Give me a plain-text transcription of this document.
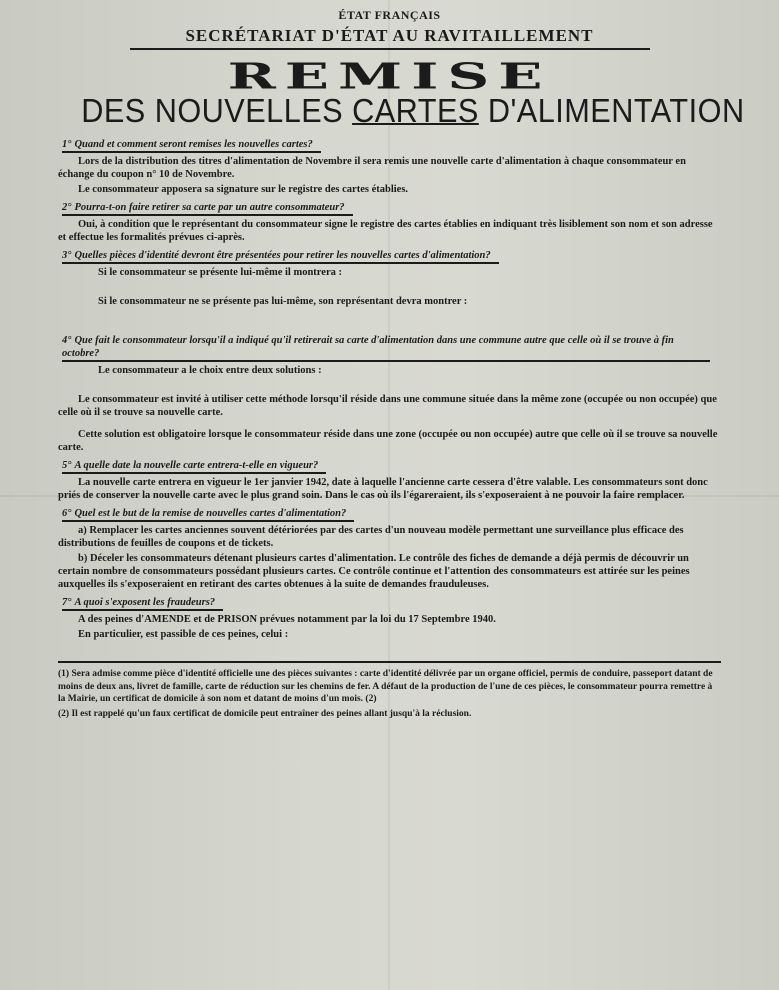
ÉTAT FRANÇAIS
SECRÉTARIAT D'ÉTAT AU RAVITAILLEMENT
REMISE
DES NOUVELLES CARTES D'ALIMENTATION
1° Quand et comment seront remises les nouvelles cartes?

Lors de la distribution des titres d'alimentation de Novembre il sera remis une nouvelle carte d'alimentation à chaque consommateur en échange du coupon n° 10 de Novembre.

Le consommateur apposera sa signature sur le registre des cartes établies.

2° Pourra-t-on faire retirer sa carte par un autre consommateur?

Oui, à condition que le représentant du consommateur signe le registre des cartes établies en indiquant très lisiblement son nom et son adresse et effectue les formalités prévues ci-après.

3° Quelles pièces d'identité devront être présentées pour retirer les nouvelles cartes d'alimentation?

Si le consommateur se présente lui-même il montrera :

Si le consommateur ne se présente pas lui-même, son représentant devra montrer :

4° Que fait le consommateur lorsqu'il a indiqué qu'il retirerait sa carte d'alimentation dans une commune autre que celle où il se trouve à fin octobre?

Le consommateur a le choix entre deux solutions :

Le consommateur est invité à utiliser cette méthode lorsqu'il réside dans une commune située dans la même zone (occupée ou non occupée) que celle où il se trouve sa nouvelle carte.

Cette solution est obligatoire lorsque le consommateur réside dans une zone (occupée ou non occupée) autre que celle où il se trouve sa nouvelle carte.

5° A quelle date la nouvelle carte entrera-t-elle en vigueur?

La nouvelle carte entrera en vigueur le 1er janvier 1942, date à laquelle l'ancienne carte cessera d'être valable. Les consommateurs sont donc priés de conserver la nouvelle carte avec le plus grand soin. Dans le cas où ils l'égareraient, ils s'exposeraient à ne pouvoir la faire remplacer.

6° Quel est le but de la remise de nouvelles cartes d'alimentation?

a) Remplacer les cartes anciennes souvent détériorées par des cartes d'un nouveau modèle permettant une surveillance plus efficace des distributions de feuilles de coupons et de tickets.

b) Déceler les consommateurs détenant plusieurs cartes d'alimentation. Le contrôle des fiches de demande a déjà permis de découvrir un certain nombre de consommateurs possédant plusieurs cartes. Ce contrôle continue et l'attention des consommateurs est attirée sur les peines auxquelles ils s'exposeraient en retirant des cartes obtenues à la suite de demandes frauduleuses.

7° A quoi s'exposent les fraudeurs?

A des peines d'AMENDE et de PRISON prévues notamment par la loi du 17 Septembre 1940.

En particulier, est passible de ces peines, celui :

(1) Sera admise comme pièce d'identité officielle une des pièces suivantes : carte d'identité délivrée par un organe officiel, permis de conduire, passeport datant de moins de deux ans, livret de famille, carte de réduction sur les chemins de fer. A défaut de la production de l'une de ces pièces, le consommateur pourra remettre à la Mairie, un certificat de domicile à son nom et datant de moins d'un mois. (2)
(2) Il est rappelé qu'un faux certificat de domicile peut entraîner des peines allant jusqu'à la réclusion.
